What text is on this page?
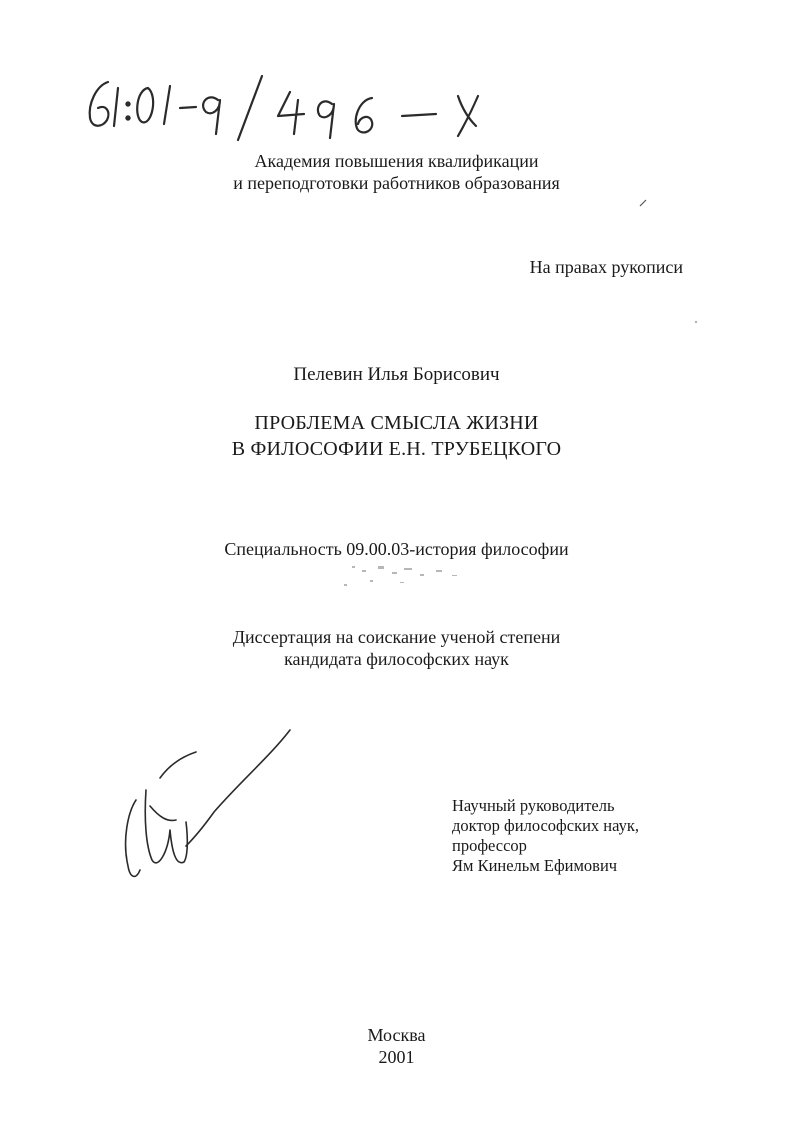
Академия повышения квалификации
и переподготовки работников образования
На правах рукописи
Пелевин Илья Борисович
ПРОБЛЕМА СМЫСЛА ЖИЗНИ
В ФИЛОСОФИИ Е.Н. ТРУБЕЦКОГО
Специальность 09.00.03-история философии
Диссертация на соискание ученой степени
кандидата философских наук
Научный руководитель
доктор философских наук,
профессор
Ям Кинельм Ефимович
Москва
2001
